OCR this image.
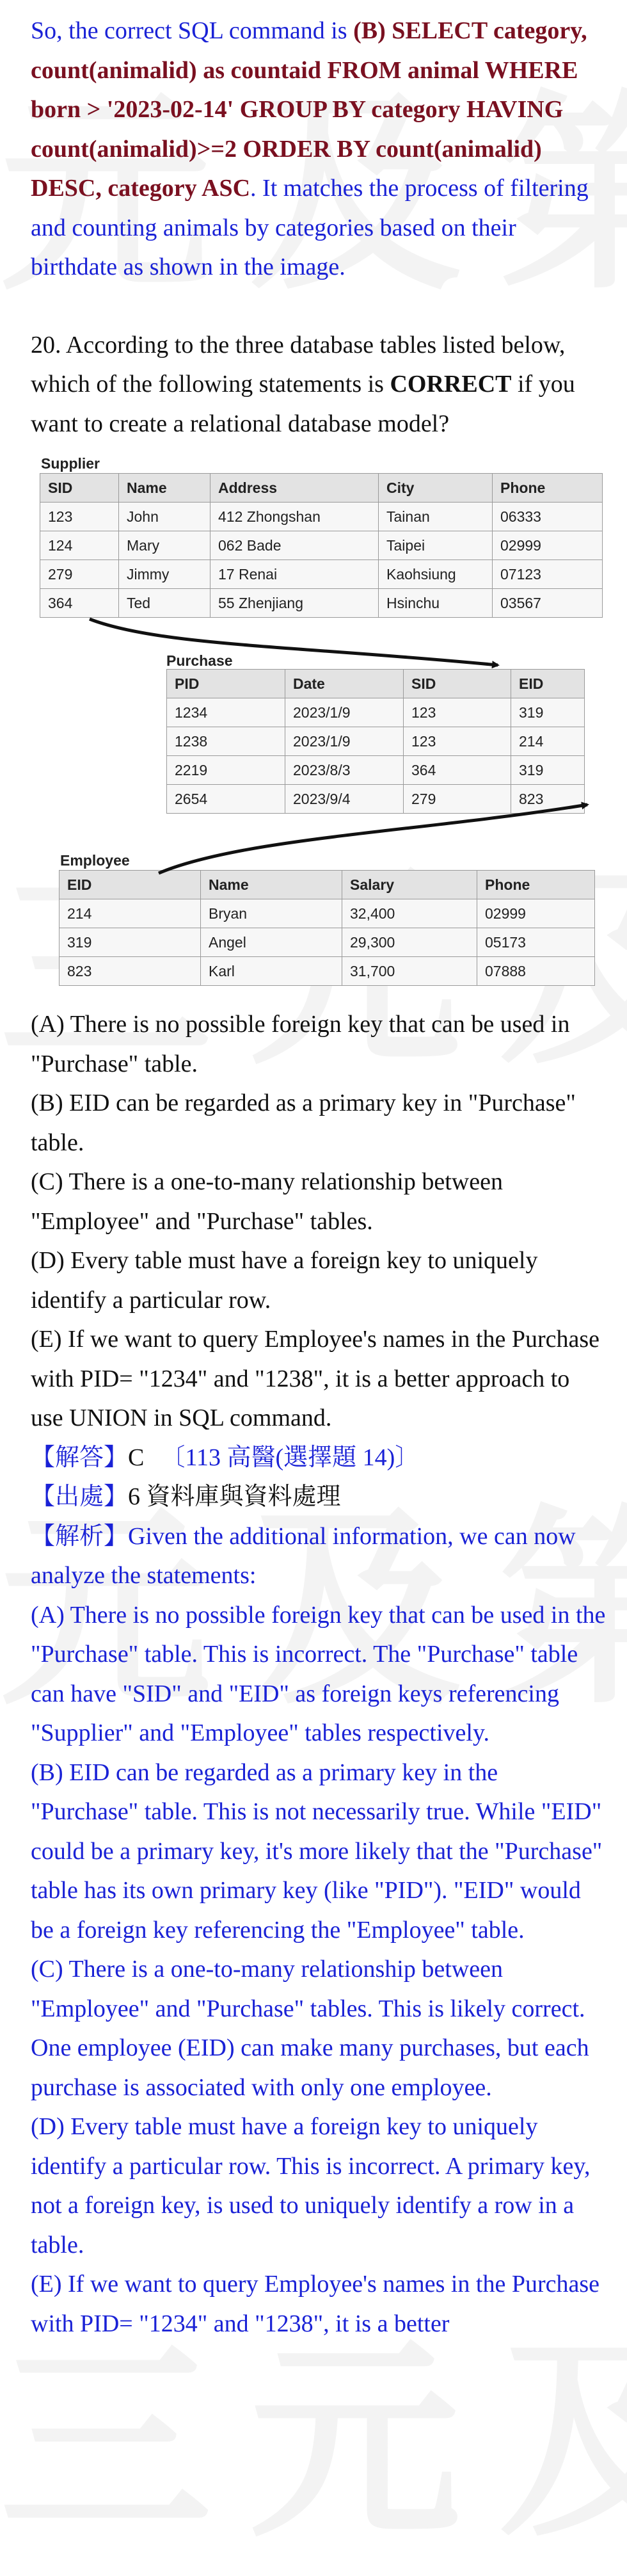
So, the correct SQL command is (B) SELECT category, count(animalid) as countaid FROM animal WHERE born > '2023-02-14' GROUP BY category HAVING count(animalid)>=2 ORDER BY count(animalid) DESC, category ASC. It matches the process of filtering and counting animals by categories based on their birthdate as shown in the image.

20. According to the three database tables listed below, which of the following statements is CORRECT if you want to create a relational database model?

Supplier
SID	Name	Address	City	Phone
123	John	412 Zhongshan	Tainan	06333
124	Mary	062 Bade	Taipei	02999
279	Jimmy	17 Renai	Kaohsiung	07123
364	Ted	55 Zhenjiang	Hsinchu	03567
Purchase
PID	Date	SID	EID
1234	2023/1/9	123	319
1238	2023/1/9	123	214
2219	2023/8/3	364	319
2654	2023/9/4	279	823
Employee
EID	Name	Salary	Phone
214	Bryan	32,400	02999
319	Angel	29,300	05173
823	Karl	31,700	07888

(A) There is no possible foreign key that can be used in "Purchase" table.

(B) EID can be regarded as a primary key in "Purchase" table.

(C) There is a one-to-many relationship between "Employee" and "Purchase" tables.

(D) Every table must have a foreign key to uniquely identify a particular row.

(E) If we want to query Employee's names in the Purchase with PID= "1234" and "1238", it is a better approach to use UNION in SQL command.

【解答】C 〔113 高醫(選擇題 14)〕

【出處】6 資料庫與資料處理

【解析】Given the additional information, we can now analyze the statements:

(A) There is no possible foreign key that can be used in the "Purchase" table. This is incorrect. The "Purchase" table can have "SID" and "EID" as foreign keys referencing "Supplier" and "Employee" tables respectively.

(B) EID can be regarded as a primary key in the "Purchase" table. This is not necessarily true. While "EID" could be a primary key, it's more likely that the "Purchase" table has its own primary key (like "PID"). "EID" would be a foreign key referencing the "Employee" table.

(C) There is a one-to-many relationship between "Employee" and "Purchase" tables. This is likely correct. One employee (EID) can make many purchases, but each purchase is associated with only one employee.

(D) Every table must have a foreign key to uniquely identify a particular row. This is incorrect. A primary key, not a foreign key, is used to uniquely identify a row in a table.

(E) If we want to query Employee's names in the Purchase with PID= "1234" and "1238", it is a better
